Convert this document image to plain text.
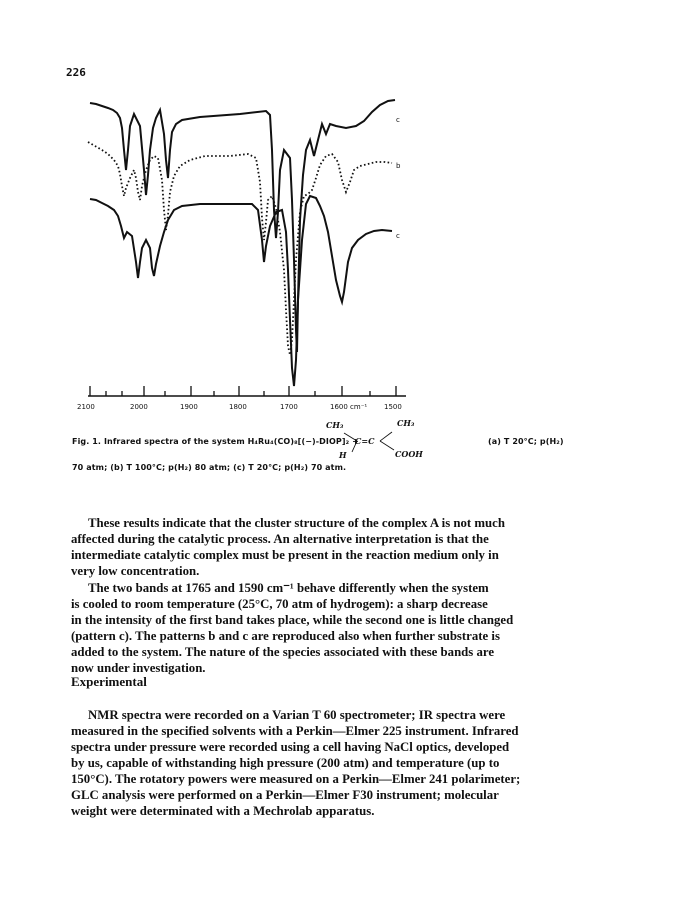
226
c
b
c
2100	2000	1900	1800	1700	1600 cm⁻¹ 1500
CH₃	CH₃
C=C
H	COOH
Fig. 1. Infrared spectra of the system H₄Ru₄(CO)₈[(−)-DIOP]₂ +	(a) T 20°C; p(H₂)
70 atm; (b) T 100°C; p(H₂) 80 atm; (c) T 20°C; p(H₂) 70 atm.

These results indicate that the cluster structure of the complex A is not much

affected during the catalytic process. An alternative interpretation is that the

intermediate catalytic complex must be present in the reaction medium only in

very low concentration.

The two bands at 1765 and 1590 cm⁻¹ behave differently when the system

is cooled to room temperature (25°C, 70 atm of hydrogem): a sharp decrease

in the intensity of the first band takes place, while the second one is little changed

(pattern c). The patterns b and c are reproduced also when further substrate is

added to the system. The nature of the species associated with these bands are

now under investigation.

Experimental

NMR spectra were recorded on a Varian T 60 spectrometer; IR spectra were

measured in the specified solvents with a Perkin—Elmer 225 instrument. Infrared

spectra under pressure were recorded using a cell having NaCl optics, developed

by us, capable of withstanding high pressure (200 atm) and temperature (up to

150°C). The rotatory powers were measured on a Perkin—Elmer 241 polarimeter;

GLC analysis were performed on a Perkin—Elmer F30 instrument; molecular

weight were determinated with a Mechrolab apparatus.
